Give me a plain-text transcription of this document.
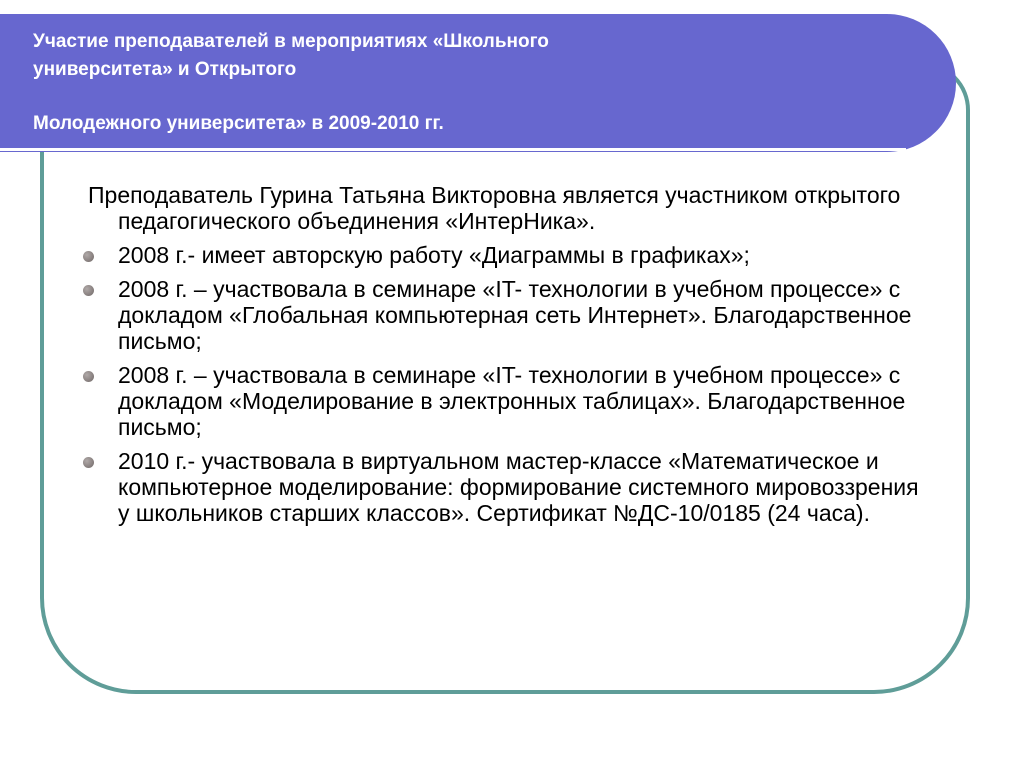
Участие преподавателей в мероприятиях «Школьного
университета» и Открытого
Молодежного университета» в 2009-2010 гг.

Преподаватель Гурина Татьяна Викторовна является участником открытого педагогического объединения «ИнтерНика».

2008 г.- имеет авторскую работу «Диаграммы в графиках»;
2008 г. – участвовала в семинаре «IT- технологии в учебном процессе» с докладом «Глобальная компьютерная сеть Интернет». Благодарственное письмо;
2008 г. – участвовала в семинаре «IT- технологии в учебном процессе» с докладом «Моделирование в электронных таблицах». Благодарственное письмо;
2010 г.- участвовала в виртуальном мастер-классе «Математическое и компьютерное моделирование: формирование системного мировоззрения у школьников старших классов». Сертификат №ДС-10/0185 (24 часа).
